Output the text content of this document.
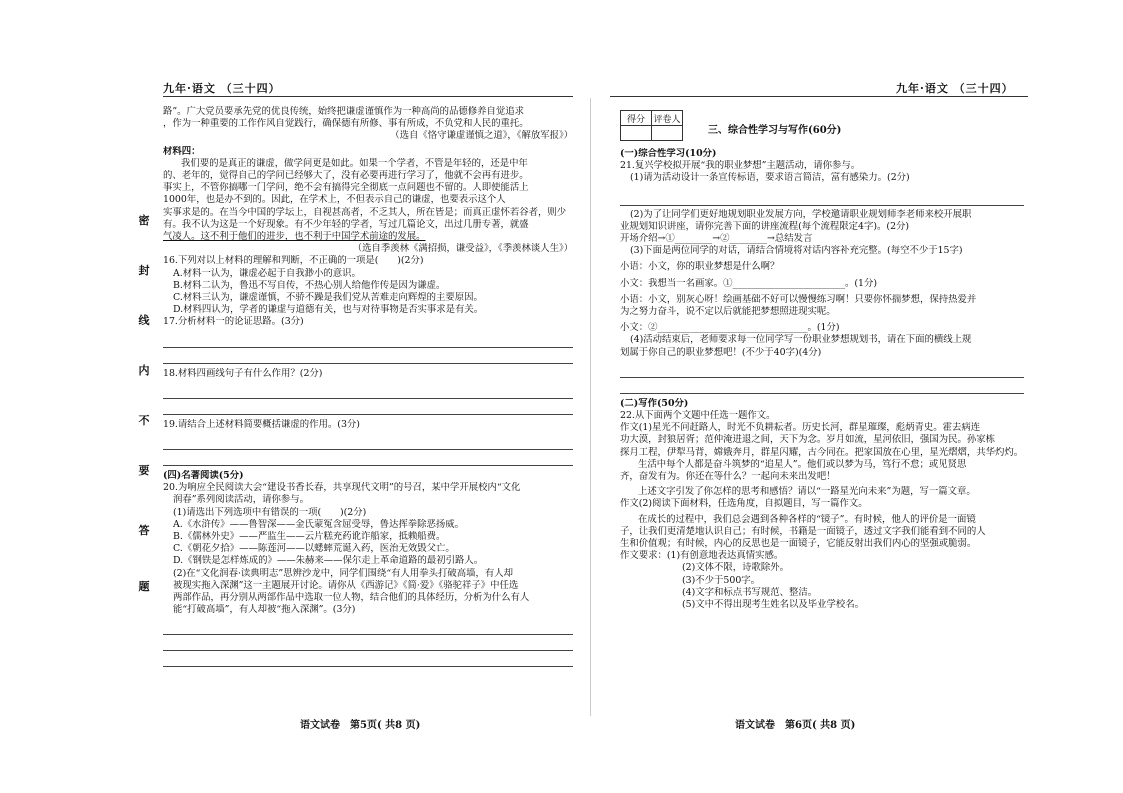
九年·语文 （三十四）	九年·语文 （三十四）
密
封
线
内
不
要
答
题
路”。广大党员要承先党的优良传统，始终把谦虚谨慎作为一种高尚的品德修养自觉追求
，作为一种重要的工作作风自觉践行，确保德有所修、事有所成，不负党和人民的重托。
（选自《恪守谦虚谨慎之道》，《解放军报》）
材料四：
我们要的是真正的谦虚，做学问更是如此。如果一个学者，不管是年轻的，还是中年
的、老年的，觉得自己的学问已经够大了，没有必要再进行学习了，他就不会再有进步。
事实上，不管你搞哪一门学问，绝不会有搞得完全彻底一点问题也不留的。人即使能活上
1000年，也是办不到的。因此，在学术上，不但表示自己的谦虚，也要表示这个人
实事求是的。在当今中国的学坛上，自视甚高者，不乏其人，所在皆是；而真正虚怀若谷者，则少
有。我不认为这是一个好现象。有不少年轻的学者，写过几篇论文，出过几册专著，就盛
气凌人。这不利于他们的进步，也不利于中国学术前途的发展。
（选自季羡林《满招损，谦受益》，《季羡林谈人生》）
16.下列对以上材料的理解和判断，不正确的一项是(　　)(2分)
A.材料一认为，谦虚必起于自我渺小的意识。
B.材料二认为，鲁迅不写自传，不热心别人给他作传是因为谦虚。
C.材料三认为，谦虚谨慎，不骄不躁是我们党从苦难走向辉煌的主要原因。
D.材料四认为，学者的谦虚与道德有关，也与对待事物是否实事求是有关。
17.分析材料一的论证思路。(3分)
18.材料四画线句子有什么作用？(2分)
19.请结合上述材料简要概括谦虚的作用。(3分)
(四)名著阅读(5分)
20.为响应全民阅读大会“建设书香长春，共享现代文明”的号召，某中学开展校内“文化
润春”系列阅读活动，请你参与。
(1)请选出下列选项中有错误的一项(　　)(2分)
A.《水浒传》——鲁智深——金氏蒙冤含屈受辱，鲁达挥拳除恶扬威。
B.《儒林外史》——严监生——云片糕充药讹诈船家，抵赖船费。
C.《朝花夕拾》——陈莲河——以蟋蟀荒诞入药，医治无效毁父亡。
D.《钢铁是怎样炼成的》——朱赫来——保尔走上革命道路的最初引路人。
(2)在“文化润春·读典明志”思辨沙龙中，同学们围绕“有人用拳头打破高墙，有人却
被现实拖入深渊”这一主题展开讨论。请你从《西游记》《简·爱》《骆驼祥子》中任选
两部作品，再分别从两部作品中选取一位人物，结合他们的具体经历，分析为什么有人
能“打破高墙”，有人却被“拖入深渊”。(3分)
语文试卷　第5页( 共8 页)
得分	评卷人

三、综合性学习与写作(60分)
(一)综合性学习(10分)
21.复兴学校拟开展“我的职业梦想”主题活动，请你参与。
(1)请为活动设计一条宣传标语，要求语言简洁，富有感染力。(2分)
(2)为了让同学们更好地规划职业发展方向，学校邀请职业规划师李老师来校开展职
业规划知识讲座，请你完善下面的讲座流程(每个流程限定4字)。(2分)
开场介绍→①________→②________→总结发言
(3)下面是两位同学的对话，请结合情境将对话内容补充完整。(每空不少于15字)
小语：小文，你的职业梦想是什么啊？
小文：我想当一名画家。①________________________。(1分)
小语：小文，别灰心呀！绘画基础不好可以慢慢练习啊！只要你怀揣梦想，保持热爱并
为之努力奋斗，说不定以后就能把梦想照进现实呢。
小文：②________________________________。(1分)
(4)活动结束后，老师要求每一位同学写一份职业梦想规划书，请在下面的横线上规
划属于你自己的职业梦想吧！(不少于40字)(4分)
(二)写作(50分)
22.从下面两个文题中任选一题作文。
作文(1)星光不问赶路人，时光不负耕耘者。历史长河，群星璀璨，彪炳青史。霍去病连
功大漠，封狼居胥；范仲淹进退之间，天下为念。岁月如流，星河依旧，强国为民。孙家栋
探月工程，伊犁马背，嫦娥奔月，群星闪耀，古今同在。把家国放在心里，星光熠熠，共华灼灼。
生活中每个人都是奋斗筑梦的“追星人”。他们或以梦为马，笃行不怠；或见贤思
齐，奋发有为。你还在等什么？一起向未来出发吧！
上述文字引发了你怎样的思考和感悟？请以“一路星光向未来”为题，写一篇文章。
作文(2)阅读下面材料，任选角度，自拟题目，写一篇作文。
在成长的过程中，我们总会遇到各种各样的“镜子”。有时候，他人的评价是一面镜
子，让我们更清楚地认识自己；有时候，书籍是一面镜子，透过文字我们能看到不同的人
生和价值观；有时候，内心的反思也是一面镜子，它能反射出我们内心的坚强或脆弱。
作文要求：(1)有创意地表达真情实感。
(2)文体不限，诗歌除外。
(3)不少于500字。
(4)文字和标点书写规范、整洁。
(5)文中不得出现考生姓名以及毕业学校名。
语文试卷　第6页( 共8 页)
